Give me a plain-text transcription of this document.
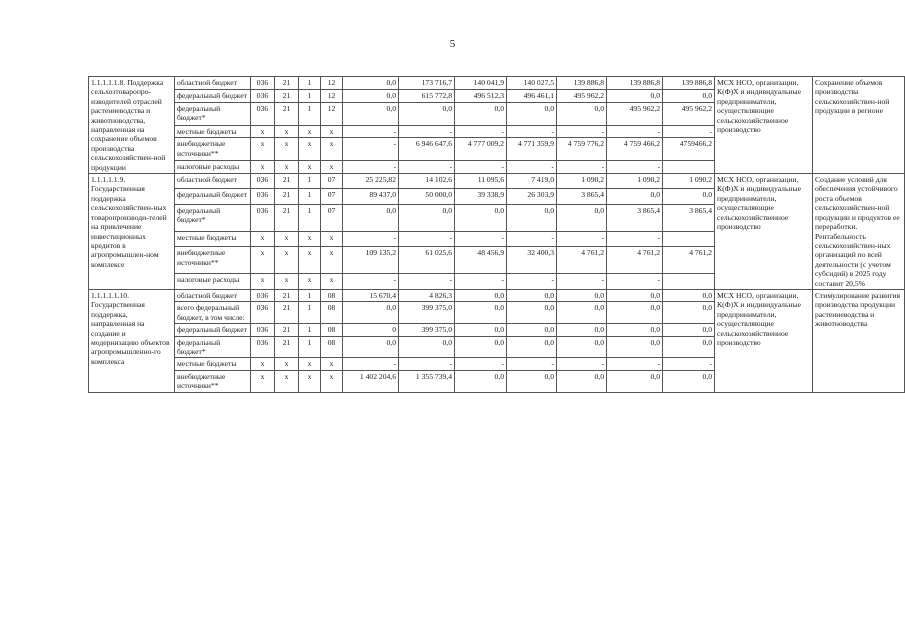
5
1.1.1.1.1.8. Поддержка сельхозтоваропро-изводителей отраслей растениеводства и животноводства, направленная на сохранение объемов производства сельскохозяйствен-ной продукции	областной бюджет	036	21	1	12	0,0	173 716,7	140 041,9	140 027,5	139 886,8	139 886,8	139 886,8	МСХ НСО, организации, К(Ф)Х и индивидуальные предприниматели, осуществляющие сельскохозяйственное производство	Сохранение объемов производства сельскохозяйствен-ной продукции в регионе
	федеральный бюджет	036	21	1	12	0,0	615 772,8	496 512,3	496 461,1	495 962,2	0,0	0,0		
	федеральный бюджет*	036	21	1	12	0,0	0,0	0,0	0,0	0,0	495 962,2	495 962,2		
	местные бюджеты	х	х	х	х	-	-	-	-	-	-	-		
	внебюджетные источники**	х	х	х	х	-	6 946 647,6	4 777 009,2	4 771 359,9	4 759 776,2	4 759 466,2	4759466,2		
	налоговые расходы	х	х	х	х	-	-	-	-	-	-			
1.1.1.1.1.9. Государственная поддержка сельскохозяйствен-ных товаропроизводи-телей на привлечение инвестиционных кредитов в агропромышлен-ном комплексе	областной бюджет	036	21	1	07	25 225,82	14 102,6	11 095,6	7 419,0	1 090,2	1 090,2	1 090,2	МСХ НСО, организации, К(Ф)Х и индивидуальные предприниматели, осуществляющие сельскохозяйственное производство	Создание условий для обеспечения устойчивого роста объемов сельскохозяйствен-ной продукции и продуктов ее переработки. Рентабельность сельскохозяйствен-ных организаций по всей деятельности (с учетом субсидий) в 2025 году составит 20,5%
	федеральный бюджет	036	21	1	07	89 437,0	50 000,0	39 338,9	26 303,9	3 865,4	0,0	0,0		
	федеральный бюджет*	036	21	1	07	0,0	0,0	0,0	0,0	0,0	3 865,4	3 865,4		
	местные бюджеты	х	х	х	х	-	-	-	-	-	-			
	внебюджетные источники**	х	х	х	х	109 135,2	61 025,6	48 456,9	32 400,3	4 761,2	4 761,2	4 761,2		
	налоговые расходы	х	х	х	х	-	-	-	-	-	-			
1.1.1.1.1.10. Государственная поддержка, направленная на создание и модернизацию объектов агропромышленно-го комплекса	областной бюджет	036	21	1	08	15 670,4	4 826,3	0,0	0,0	0,0	0,0	0,0	МСХ НСО, организации, К(Ф)Х и индивидуальные предприниматели, осуществляющие сельскохозяйственное производство	Стимулирование развития производства продукции растениеводства и животноводства
	всего федеральный бюджет, в том числе:	036	21	1	08	0,0	399 375,0	0,0	0,0	0,0	0,0	0,0		
	федеральный бюджет	036	21	1	08	0	399 375,0	0,0	0,0	0,0	0,0	0,0		
	федеральный бюджет*	036	21	1	08	0,0	0,0	0,0	0,0	0,0	0,0	0,0		
	местные бюджеты	х	х	х	х	-	-	-	-	-	-	-		
	внебюджетные источники**	х	х	х	х	1 402 204,6	1 355 739,4	0,0	0,0	0,0	0,0	0,0		
